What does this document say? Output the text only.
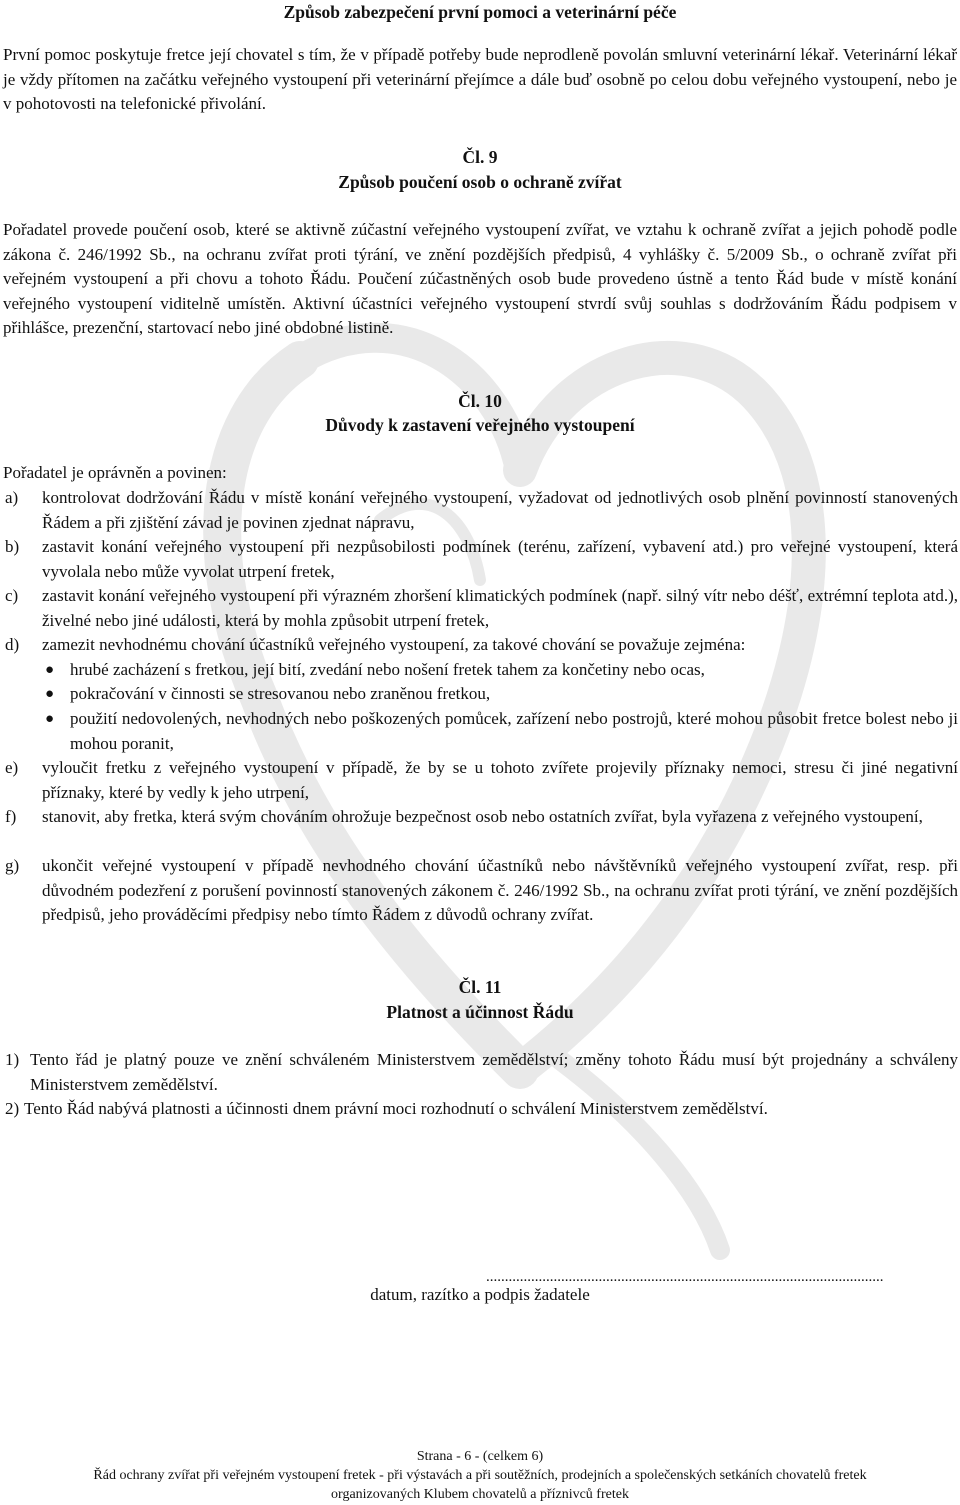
Způsob zabezpečení první pomoci a veterinární péče
První pomoc poskytuje fretce její chovatel s tím, že v případě potřeby bude neprodleně povolán smluvní veterinární lékař. Veterinární lékař je vždy přítomen na začátku veřejného vystoupení při veterinární přejímce a dále buď osobně po celou dobu veřejného vystoupení, nebo je v pohotovosti na telefonické přivolání.
Čl. 9
Způsob poučení osob o ochraně zvířat
Pořadatel provede poučení osob, které se aktivně zúčastní veřejného vystoupení zvířat, ve vztahu k ochraně zvířat a jejich pohodě podle zákona č. 246/1992 Sb., na ochranu zvířat proti týrání, ve znění pozdějších předpisů, 4 vyhlášky č. 5/2009 Sb., o ochraně zvířat při veřejném vystoupení a při chovu a tohoto Řádu. Poučení zúčastněných osob bude provedeno ústně a tento Řád bude v místě konání veřejného vystoupení viditelně umístěn. Aktivní účastníci veřejného vystoupení stvrdí svůj souhlas s dodržováním Řádu podpisem v přihlášce, prezenční, startovací nebo jiné obdobné listině.
Čl. 10
Důvody k zastavení veřejného vystoupení
Pořadatel je oprávněn a povinen:
a) kontrolovat dodržování Řádu v místě konání veřejného vystoupení, vyžadovat od jednotlivých osob plnění povinností stanovených Řádem a při zjištění závad je povinen zjednat nápravu,
b) zastavit konání veřejného vystoupení při nezpůsobilosti podmínek (terénu, zařízení, vybavení atd.) pro veřejné vystoupení, která vyvolala nebo může vyvolat utrpení fretek,
c) zastavit konání veřejného vystoupení při výrazném zhoršení klimatických podmínek (např. silný vítr nebo déšť, extrémní teplota atd.), živelné nebo jiné události, která by mohla způsobit utrpení fretek,
d) zamezit nevhodnému chování účastníků veřejného vystoupení, za takové chování se považuje zejména:
● hrubé zacházení s fretkou, její bití, zvedání nebo nošení fretek tahem za končetiny nebo ocas,
● pokračování v činnosti se stresovanou nebo zraněnou fretkou,
● použití nedovolených, nevhodných nebo poškozených pomůcek, zařízení nebo postrojů, které mohou působit fretce bolest nebo ji mohou poranit,
e) vyloučit fretku z veřejného vystoupení v případě, že by se u tohoto zvířete projevily příznaky nemoci, stresu či jiné negativní příznaky, které by vedly k jeho utrpení,
f) stanovit, aby fretka, která svým chováním ohrožuje bezpečnost osob nebo ostatních zvířat, byla vyřazena z veřejného vystoupení,
g) ukončit veřejné vystoupení v případě nevhodného chování účastníků nebo návštěvníků veřejného vystoupení zvířat, resp. při důvodném podezření z porušení povinností stanovených zákonem č. 246/1992 Sb., na ochranu zvířat proti týrání, ve znění pozdějších předpisů, jeho prováděcími předpisy nebo tímto Řádem z důvodů ochrany zvířat.
Čl. 11
Platnost a účinnost Řádu
1) Tento řád je platný pouze ve znění schváleném Ministerstvem zemědělství; změny tohoto Řádu musí být projednány a schváleny Ministerstvem zemědělství.
2) Tento Řád nabývá platnosti a účinnosti dnem právní moci rozhodnutí o schválení Ministerstvem zemědělství.
..........................................................................................................
datum, razítko a podpis žadatele
Strana - 6 - (celkem 6)
Řád ochrany zvířat při veřejném vystoupení fretek - při výstavách a při soutěžních, prodejních a společenských setkáních chovatelů fretek
organizovaných Klubem chovatelů a příznivců fretek
